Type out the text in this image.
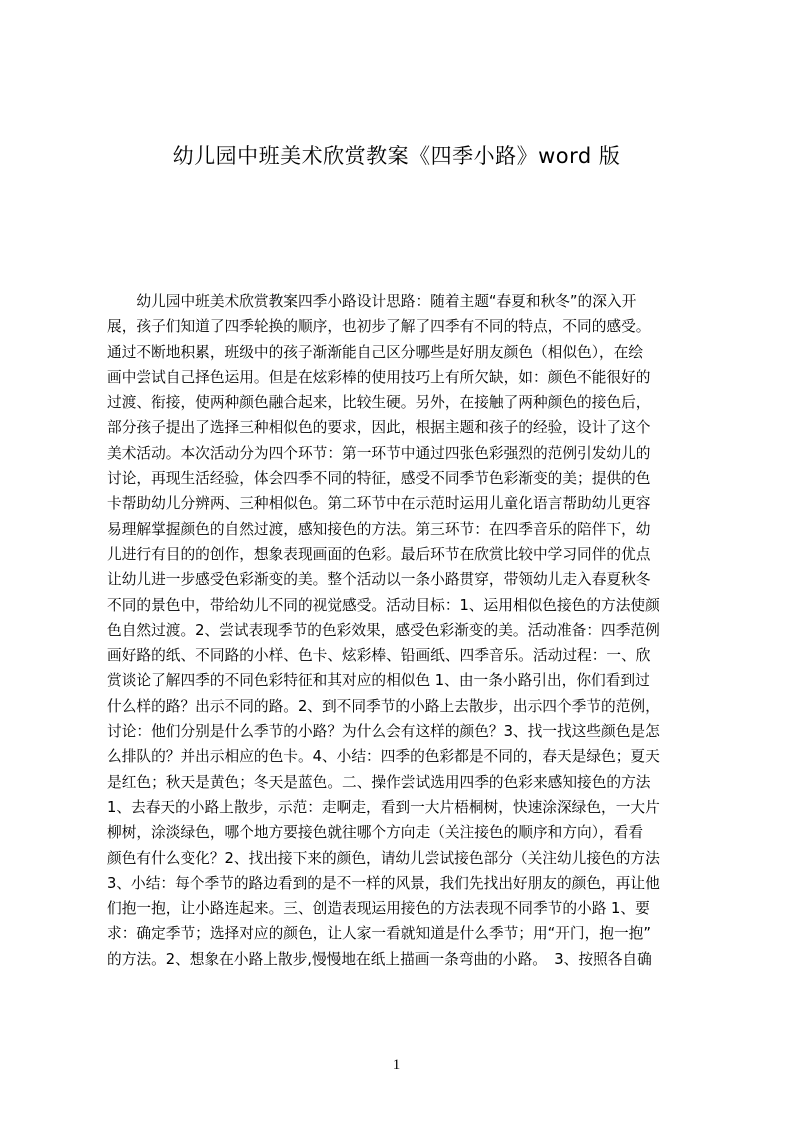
幼儿园中班美术欣赏教案《四季小路》word 版
　　幼儿园中班美术欣赏教案四季小路设计思路：随着主题“春夏和秋冬”的深入开
展，孩子们知道了四季轮换的顺序，也初步了解了四季有不同的特点，不同的感受。
通过不断地积累，班级中的孩子渐渐能自己区分哪些是好朋友颜色（相似色），在绘
画中尝试自己择色运用。但是在炫彩棒的使用技巧上有所欠缺，如：颜色不能很好的
过渡、衔接，使两种颜色融合起来，比较生硬。另外，在接触了两种颜色的接色后，
部分孩子提出了选择三种相似色的要求，因此，根据主题和孩子的经验，设计了这个
美术活动。本次活动分为四个环节：第一环节中通过四张色彩强烈的范例引发幼儿的
讨论，再现生活经验，体会四季不同的特征，感受不同季节色彩渐变的美；提供的色
卡帮助幼儿分辨两、三种相似色。第二环节中在示范时运用儿童化语言帮助幼儿更容
易理解掌握颜色的自然过渡，感知接色的方法。第三环节：在四季音乐的陪伴下，幼
儿进行有目的的创作，想象表现画面的色彩。最后环节在欣赏比较中学习同伴的优点
让幼儿进一步感受色彩渐变的美。整个活动以一条小路贯穿，带领幼儿走入春夏秋冬
不同的景色中，带给幼儿不同的视觉感受。活动目标：1、运用相似色接色的方法使颜
色自然过渡。2、尝试表现季节的色彩效果，感受色彩渐变的美。活动准备：四季范例
画好路的纸、不同路的小样、色卡、炫彩棒、铅画纸、四季音乐。活动过程：一、欣
赏谈论了解四季的不同色彩特征和其对应的相似色 1、由一条小路引出，你们看到过
什么样的路？出示不同的路。2、到不同季节的小路上去散步，出示四个季节的范例，
讨论：他们分别是什么季节的小路？为什么会有这样的颜色？3、找一找这些颜色是怎
么排队的？并出示相应的色卡。4、小结：四季的色彩都是不同的，春天是绿色；夏天
是红色；秋天是黄色；冬天是蓝色。二、操作尝试选用四季的色彩来感知接色的方法
1、去春天的小路上散步，示范：走啊走，看到一大片梧桐树，快速涂深绿色，一大片
柳树，涂淡绿色，哪个地方要接色就往哪个方向走（关注接色的顺序和方向），看看
颜色有什么变化？2、找出接下来的颜色，请幼儿尝试接色部分（关注幼儿接色的方法
3、小结：每个季节的路边看到的是不一样的风景，我们先找出好朋友的颜色，再让他
们抱一抱，让小路连起来。三、创造表现运用接色的方法表现不同季节的小路 1、要
求：确定季节；选择对应的颜色，让人家一看就知道是什么季节；用“开门，抱一抱”
的方法。2、想象在小路上散步,慢慢地在纸上描画一条弯曲的小路。　3、按照各自确
1
